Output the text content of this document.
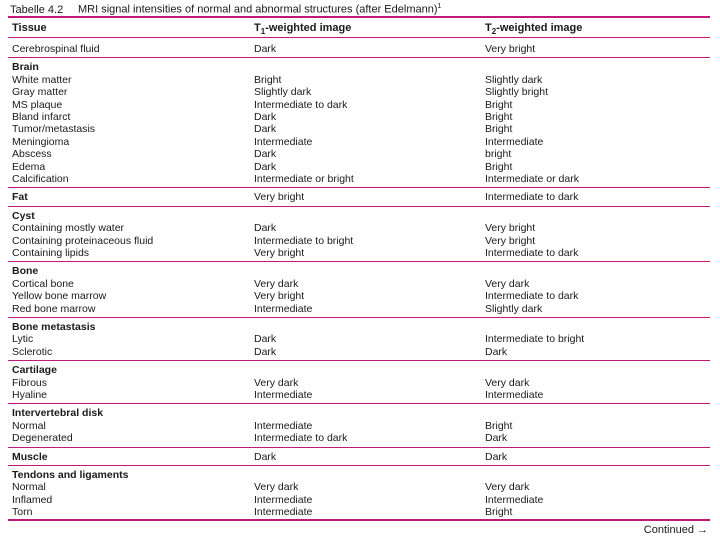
Tabelle 4.2 MRI signal intensities of normal and abnormal structures (after Edelmann)$^1$
Tissue	$T_1$-weighted image	$T_2$-weighted image
Cerebrospinal fluid	Dark	Very bright
Brain
White matter	Bright	Slightly dark
Gray matter	Slightly dark	Slightly bright
MS plaque	Intermediate to dark	Bright
Bland infarct	Dark	Bright
Tumor/metastasis	Dark	Bright
Meningioma	Intermediate	Intermediate
Abscess	Dark	bright
Edema	Dark	Bright
Calcification	Intermediate or bright	Intermediate or dark
Fat	Very bright	Intermediate to dark
Cyst
Containing mostly water	Dark	Very bright
Containing proteinaceous fluid	Intermediate to bright	Very bright
Containing lipids	Very bright	Intermediate to dark
Bone
Cortical bone	Very dark	Very dark
Yellow bone marrow	Very bright	Intermediate to dark
Red bone marrow	Intermediate	Slightly dark
Bone metastasis
Lytic	Dark	Intermediate to bright
Sclerotic	Dark	Dark
Cartilage
Fibrous	Very dark	Very dark
Hyaline	Intermediate	Intermediate
Intervertebral disk
Normal	Intermediate	Bright
Degenerated	Intermediate to dark	Dark
Muscle	Dark	Dark
Tendons and ligaments
Normal	Very dark	Very dark
Inflamed	Intermediate	Intermediate
Torn	Intermediate	Bright
Continued →
